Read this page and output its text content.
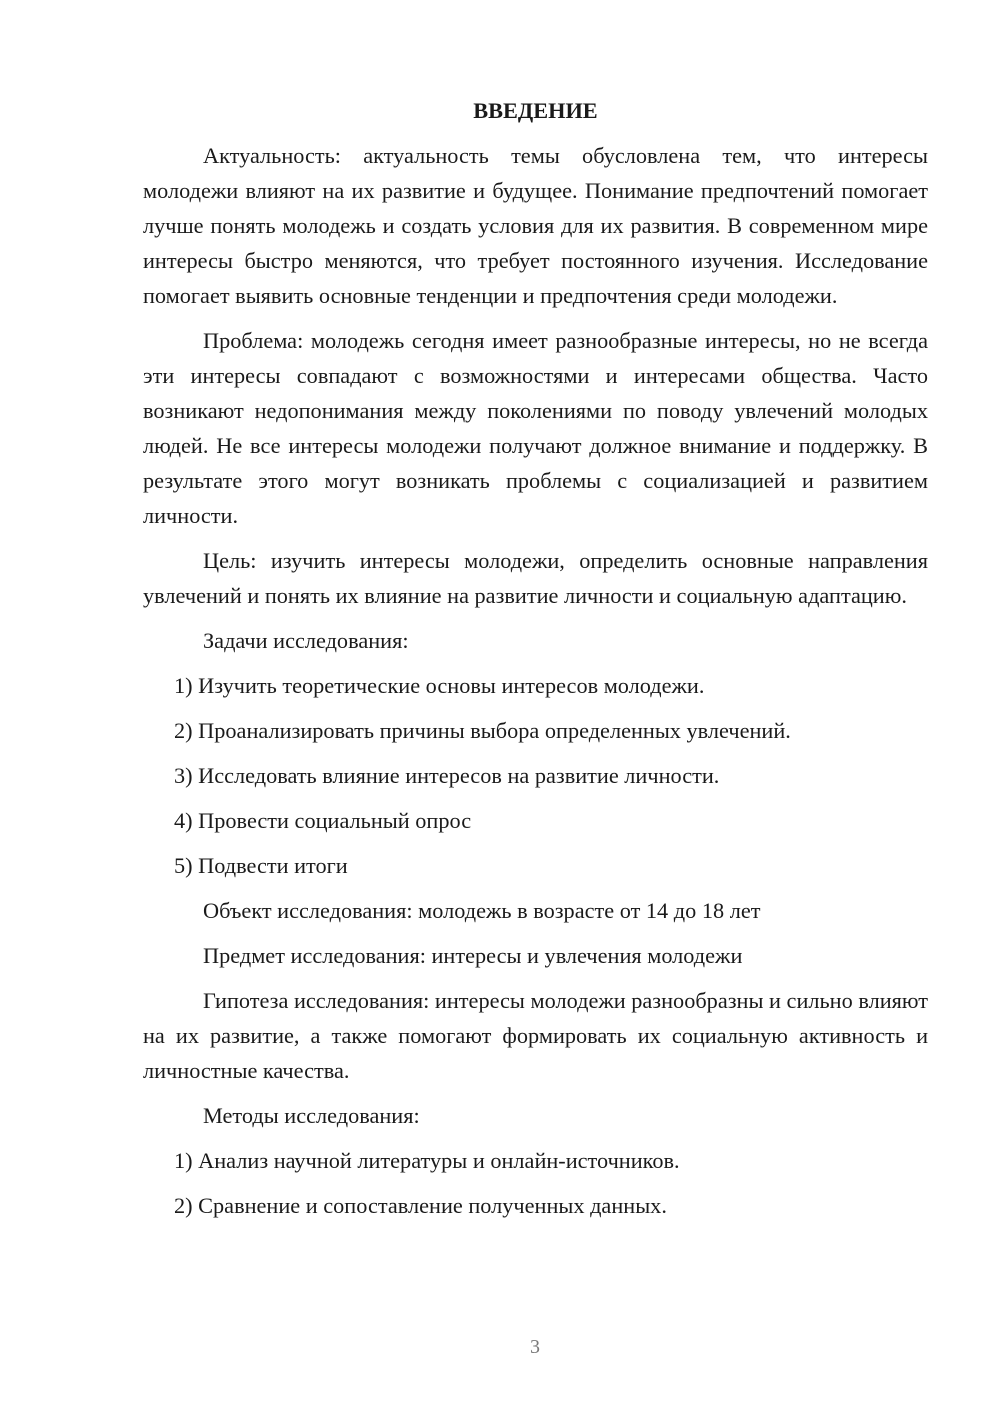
ВВЕДЕНИЕ

Актуальность: актуальность темы обусловлена тем, что интересы молодежи влияют на их развитие и будущее. Понимание предпочтений помогает лучше понять молодежь и создать условия для их развития. В современном мире интересы быстро меняются, что требует постоянного изучения. Исследование помогает выявить основные тенденции и предпочтения среди молодежи.

Проблема: молодежь сегодня имеет разнообразные интересы, но не всегда эти интересы совпадают с возможностями и интересами общества. Часто возникают недопонимания между поколениями по поводу увлечений молодых людей. Не все интересы молодежи получают должное внимание и поддержку. В результате этого могут возникать проблемы с социализацией и развитием личности.

Цель: изучить интересы молодежи, определить основные направления увлечений и понять их влияние на развитие личности и социальную адаптацию.

Задачи исследования:

1) Изучить теоретические основы интересов молодежи.

2) Проанализировать причины выбора определенных увлечений.

3) Исследовать влияние интересов на развитие личности.

4) Провести социальный опрос

5) Подвести итоги

Объект исследования: молодежь в возрасте от 14 до 18 лет

Предмет исследования: интересы и увлечения молодежи

Гипотеза исследования: интересы молодежи разнообразны и сильно влияют на их развитие, а также помогают формировать их социальную активность и личностные качества.

Методы исследования:

1) Анализ научной литературы и онлайн-источников.

2) Сравнение и сопоставление полученных данных.

3
